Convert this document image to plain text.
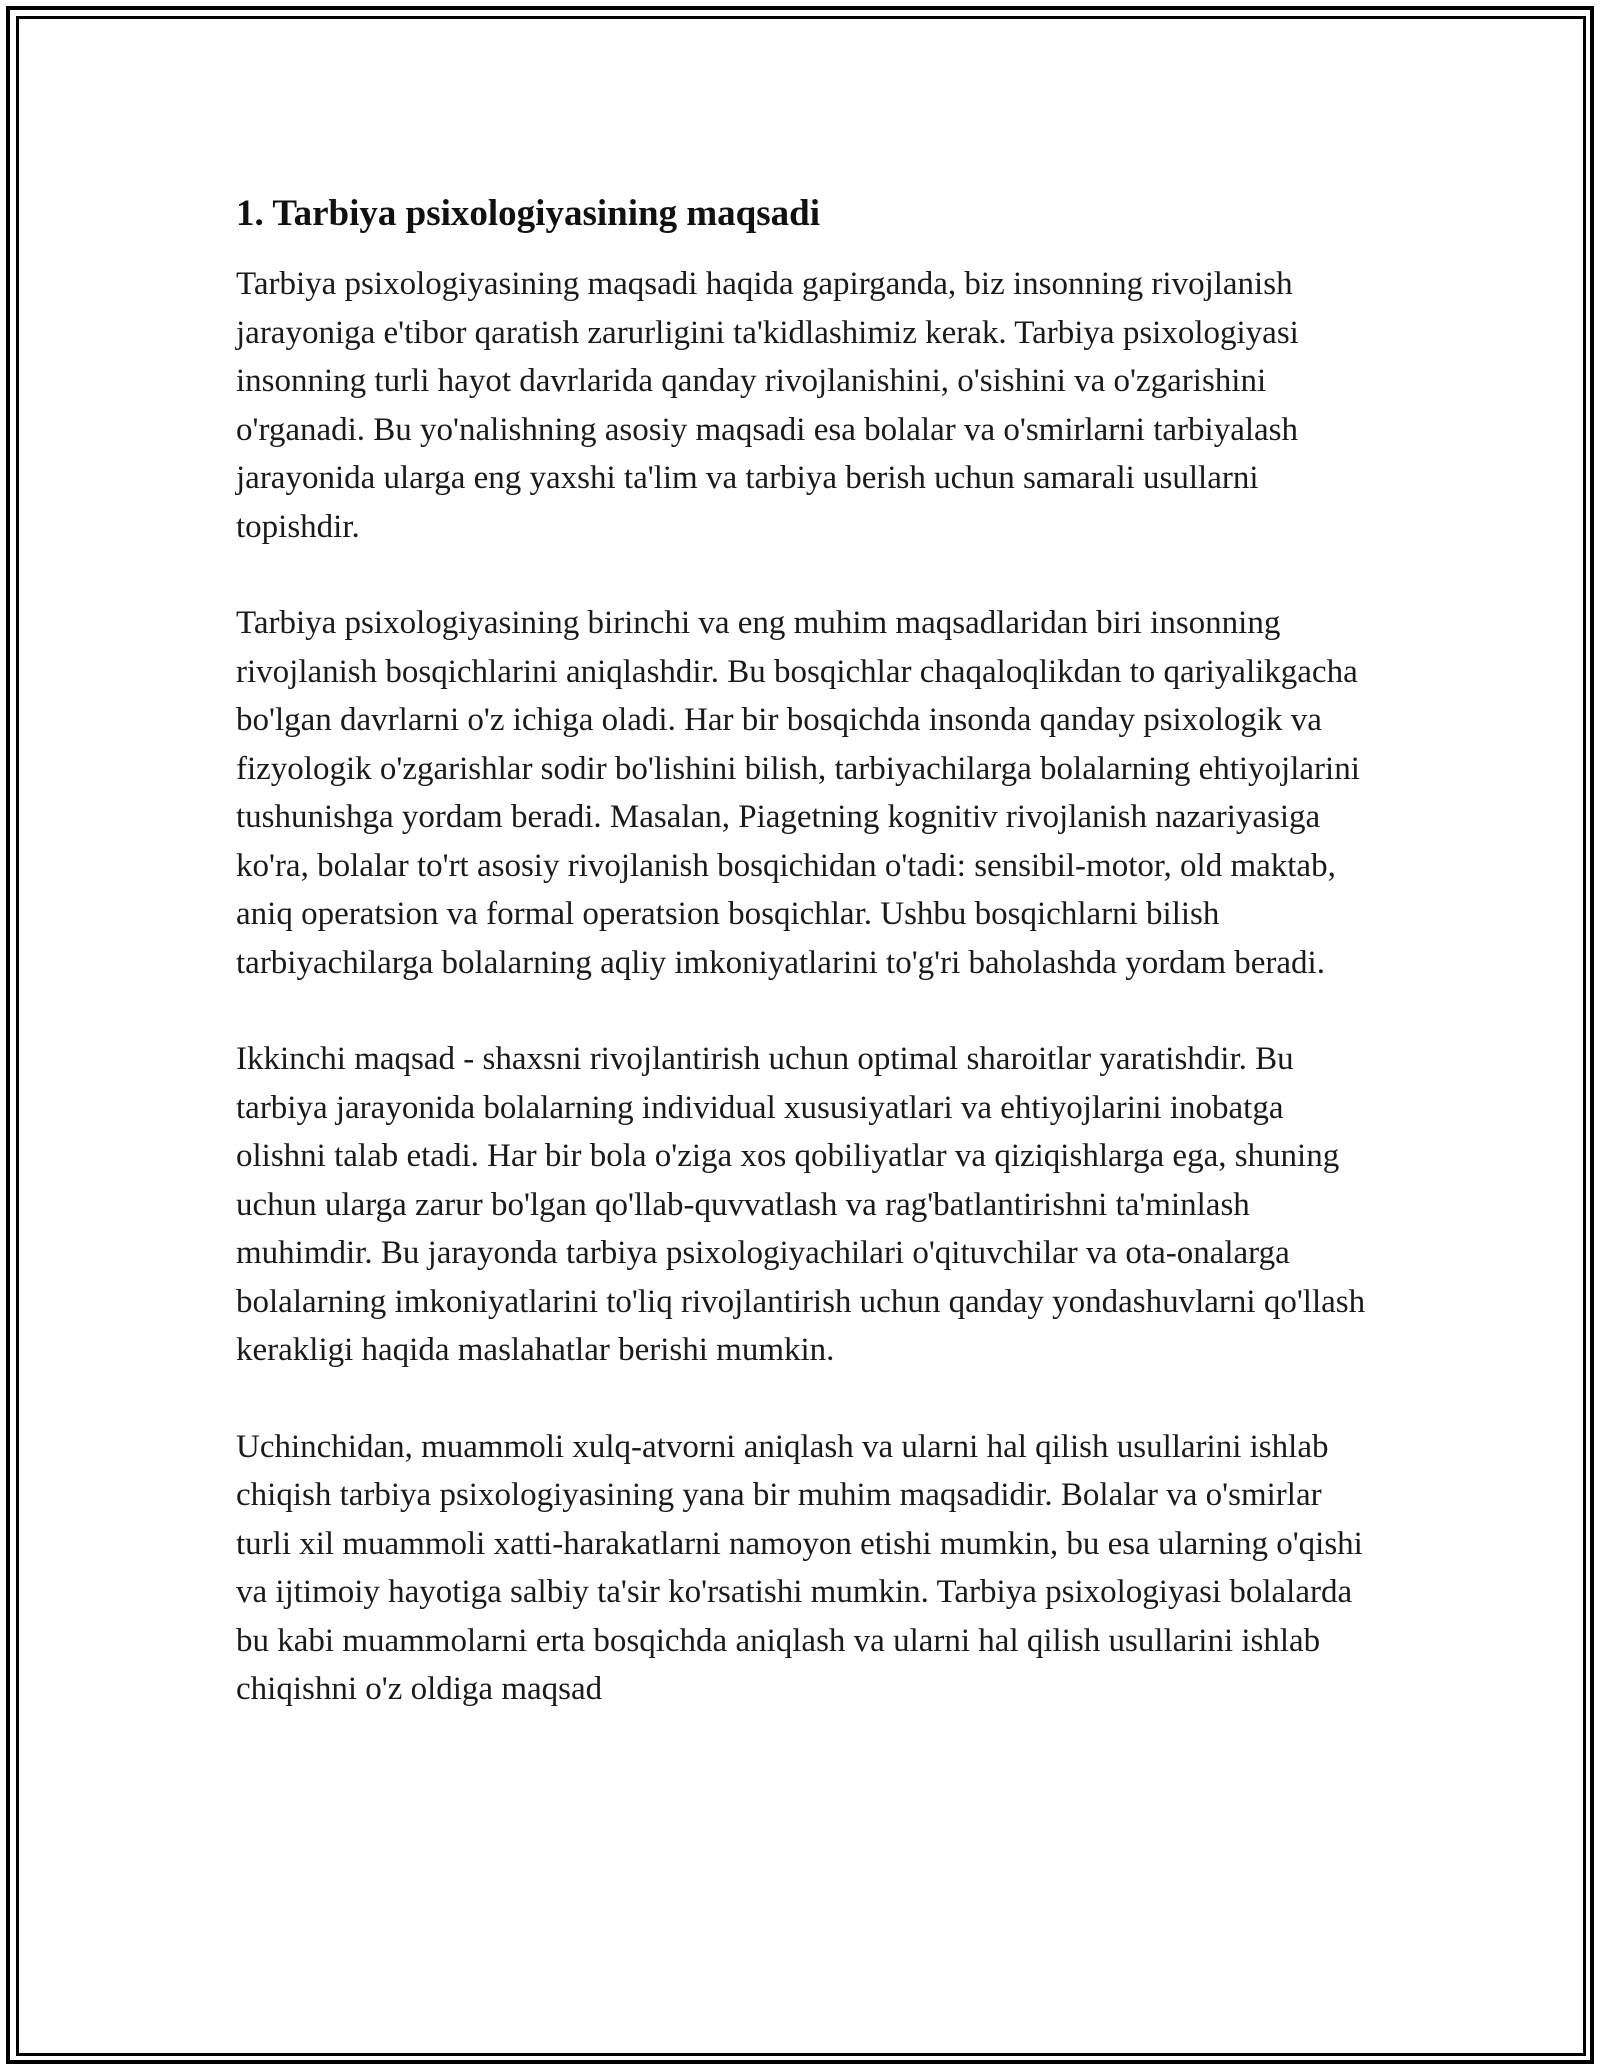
1. Tarbiya psixologiyasining maqsadi

Tarbiya psixologiyasining maqsadi haqida gapirganda, biz insonning rivojlanish jarayoniga e'tibor qaratish zarurligini ta'kidlashimiz kerak. Tarbiya psixologiyasi insonning turli hayot davrlarida qanday rivojlanishini, o'sishini va o'zgarishini o'rganadi. Bu yo'nalishning asosiy maqsadi esa bolalar va o'smirlarni tarbiyalash jarayonida ularga eng yaxshi ta'lim va tarbiya berish uchun samarali usullarni topishdir.

Tarbiya psixologiyasining birinchi va eng muhim maqsadlaridan biri insonning rivojlanish bosqichlarini aniqlashdir. Bu bosqichlar chaqaloqlikdan to qariyalikgacha bo'lgan davrlarni o'z ichiga oladi. Har bir bosqichda insonda qanday psixologik va fizyologik o'zgarishlar sodir bo'lishini bilish, tarbiyachilarga bolalarning ehtiyojlarini tushunishga yordam beradi. Masalan, Piagetning kognitiv rivojlanish nazariyasiga ko'ra, bolalar to'rt asosiy rivojlanish bosqichidan o'tadi: sensibil-motor, old maktab, aniq operatsion va formal operatsion bosqichlar. Ushbu bosqichlarni bilish tarbiyachilarga bolalarning aqliy imkoniyatlarini to'g'ri baholashda yordam beradi.

Ikkinchi maqsad - shaxsni rivojlantirish uchun optimal sharoitlar yaratishdir. Bu tarbiya jarayonida bolalarning individual xususiyatlari va ehtiyojlarini inobatga olishni talab etadi. Har bir bola o'ziga xos qobiliyatlar va qiziqishlarga ega, shuning uchun ularga zarur bo'lgan qo'llab-quvvatlash va rag'batlantirishni ta'minlash muhimdir. Bu jarayonda tarbiya psixologiyachilari o'qituvchilar va ota-onalarga bolalarning imkoniyatlarini to'liq rivojlantirish uchun qanday yondashuvlarni qo'llash kerakligi haqida maslahatlar berishi mumkin.

Uchinchidan, muammoli xulq-atvorni aniqlash va ularni hal qilish usullarini ishlab chiqish tarbiya psixologiyasining yana bir muhim maqsadidir. Bolalar va o'smirlar turli xil muammoli xatti-harakatlarni namoyon etishi mumkin, bu esa ularning o'qishi va ijtimoiy hayotiga salbiy ta'sir ko'rsatishi mumkin. Tarbiya psixologiyasi bolalarda bu kabi muammolarni erta bosqichda aniqlash va ularni hal qilish usullarini ishlab chiqishni o'z oldiga maqsad
